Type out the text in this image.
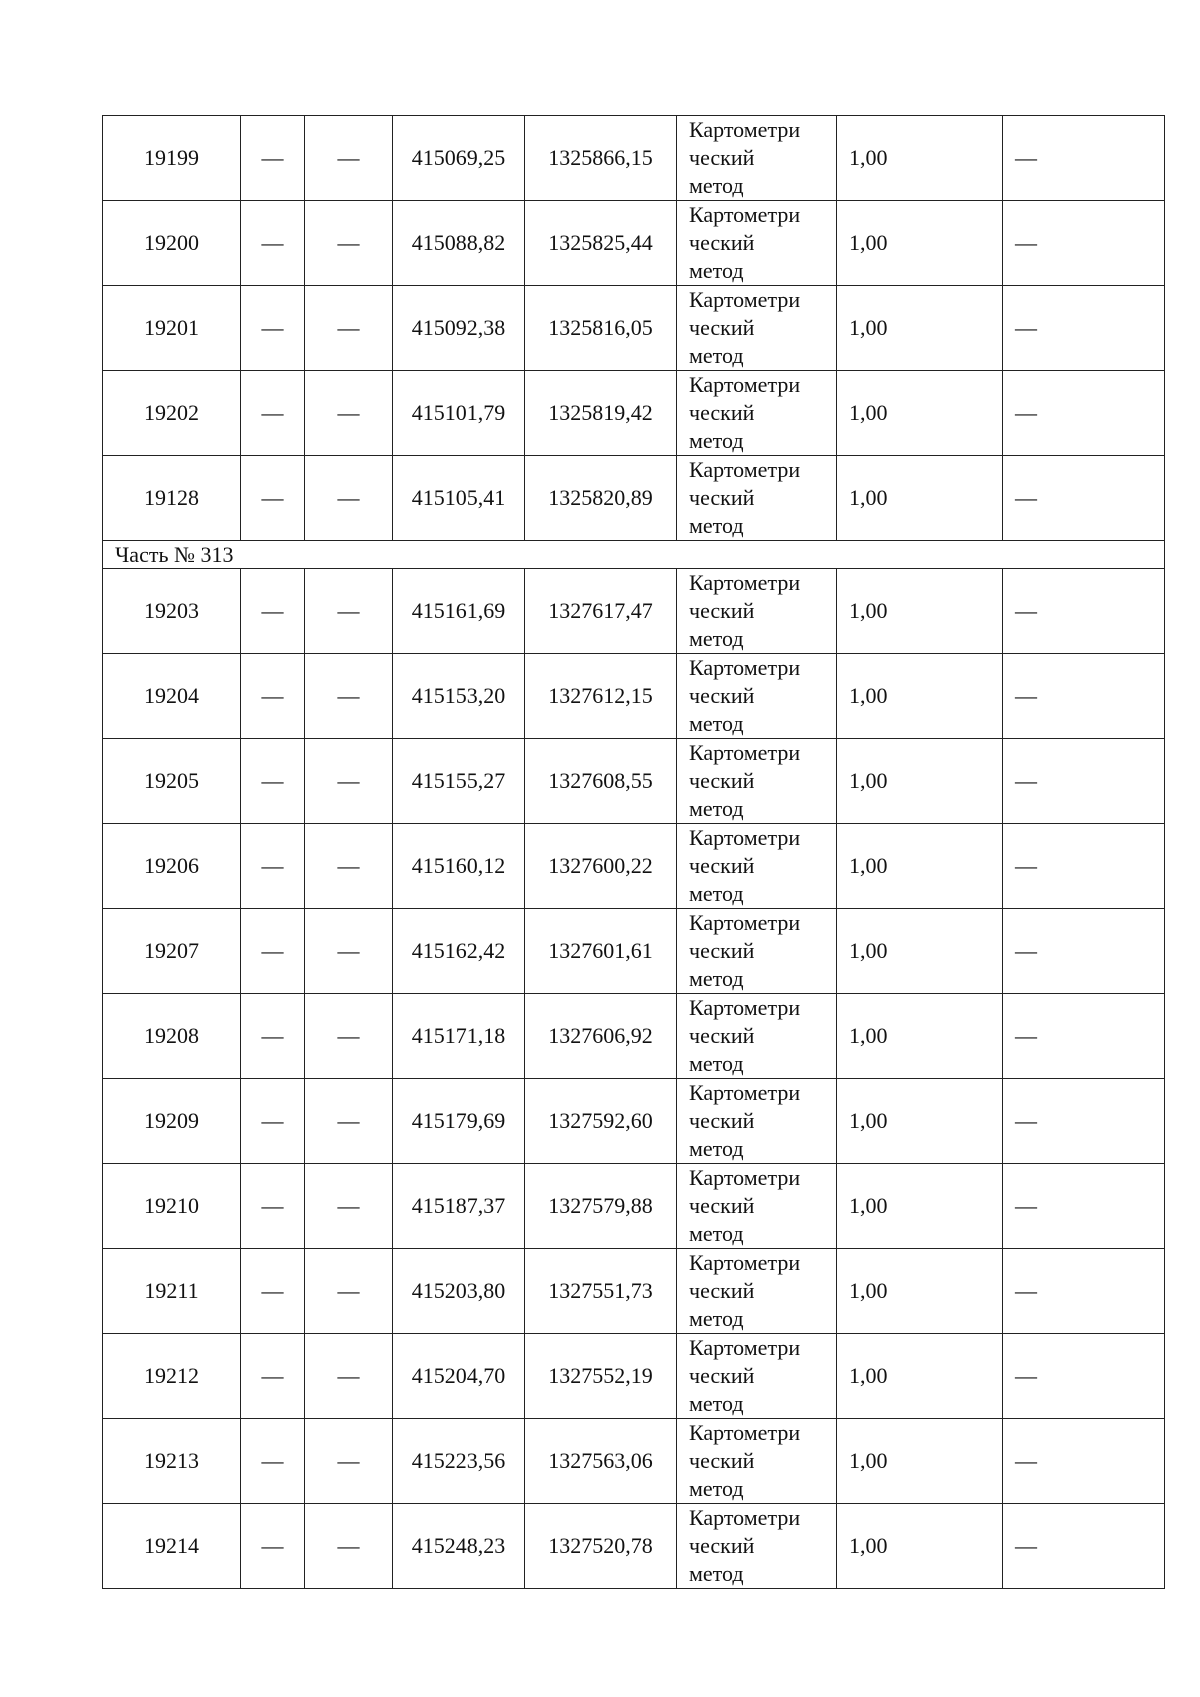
19199	—	—	415069,25	1325866,15	Картометри
ческий
метод	1,00	—
19200	—	—	415088,82	1325825,44	Картометри
ческий
метод	1,00	—
19201	—	—	415092,38	1325816,05	Картометри
ческий
метод	1,00	—
19202	—	—	415101,79	1325819,42	Картометри
ческий
метод	1,00	—
19128	—	—	415105,41	1325820,89	Картометри
ческий
метод	1,00	—
Часть № 313							
19203	—	—	415161,69	1327617,47	Картометри
ческий
метод	1,00	—
19204	—	—	415153,20	1327612,15	Картометри
ческий
метод	1,00	—
19205	—	—	415155,27	1327608,55	Картометри
ческий
метод	1,00	—
19206	—	—	415160,12	1327600,22	Картометри
ческий
метод	1,00	—
19207	—	—	415162,42	1327601,61	Картометри
ческий
метод	1,00	—
19208	—	—	415171,18	1327606,92	Картометри
ческий
метод	1,00	—
19209	—	—	415179,69	1327592,60	Картометри
ческий
метод	1,00	—
19210	—	—	415187,37	1327579,88	Картометри
ческий
метод	1,00	—
19211	—	—	415203,80	1327551,73	Картометри
ческий
метод	1,00	—
19212	—	—	415204,70	1327552,19	Картометри
ческий
метод	1,00	—
19213	—	—	415223,56	1327563,06	Картометри
ческий
метод	1,00	—
19214	—	—	415248,23	1327520,78	Картометри
ческий
метод	1,00	—
